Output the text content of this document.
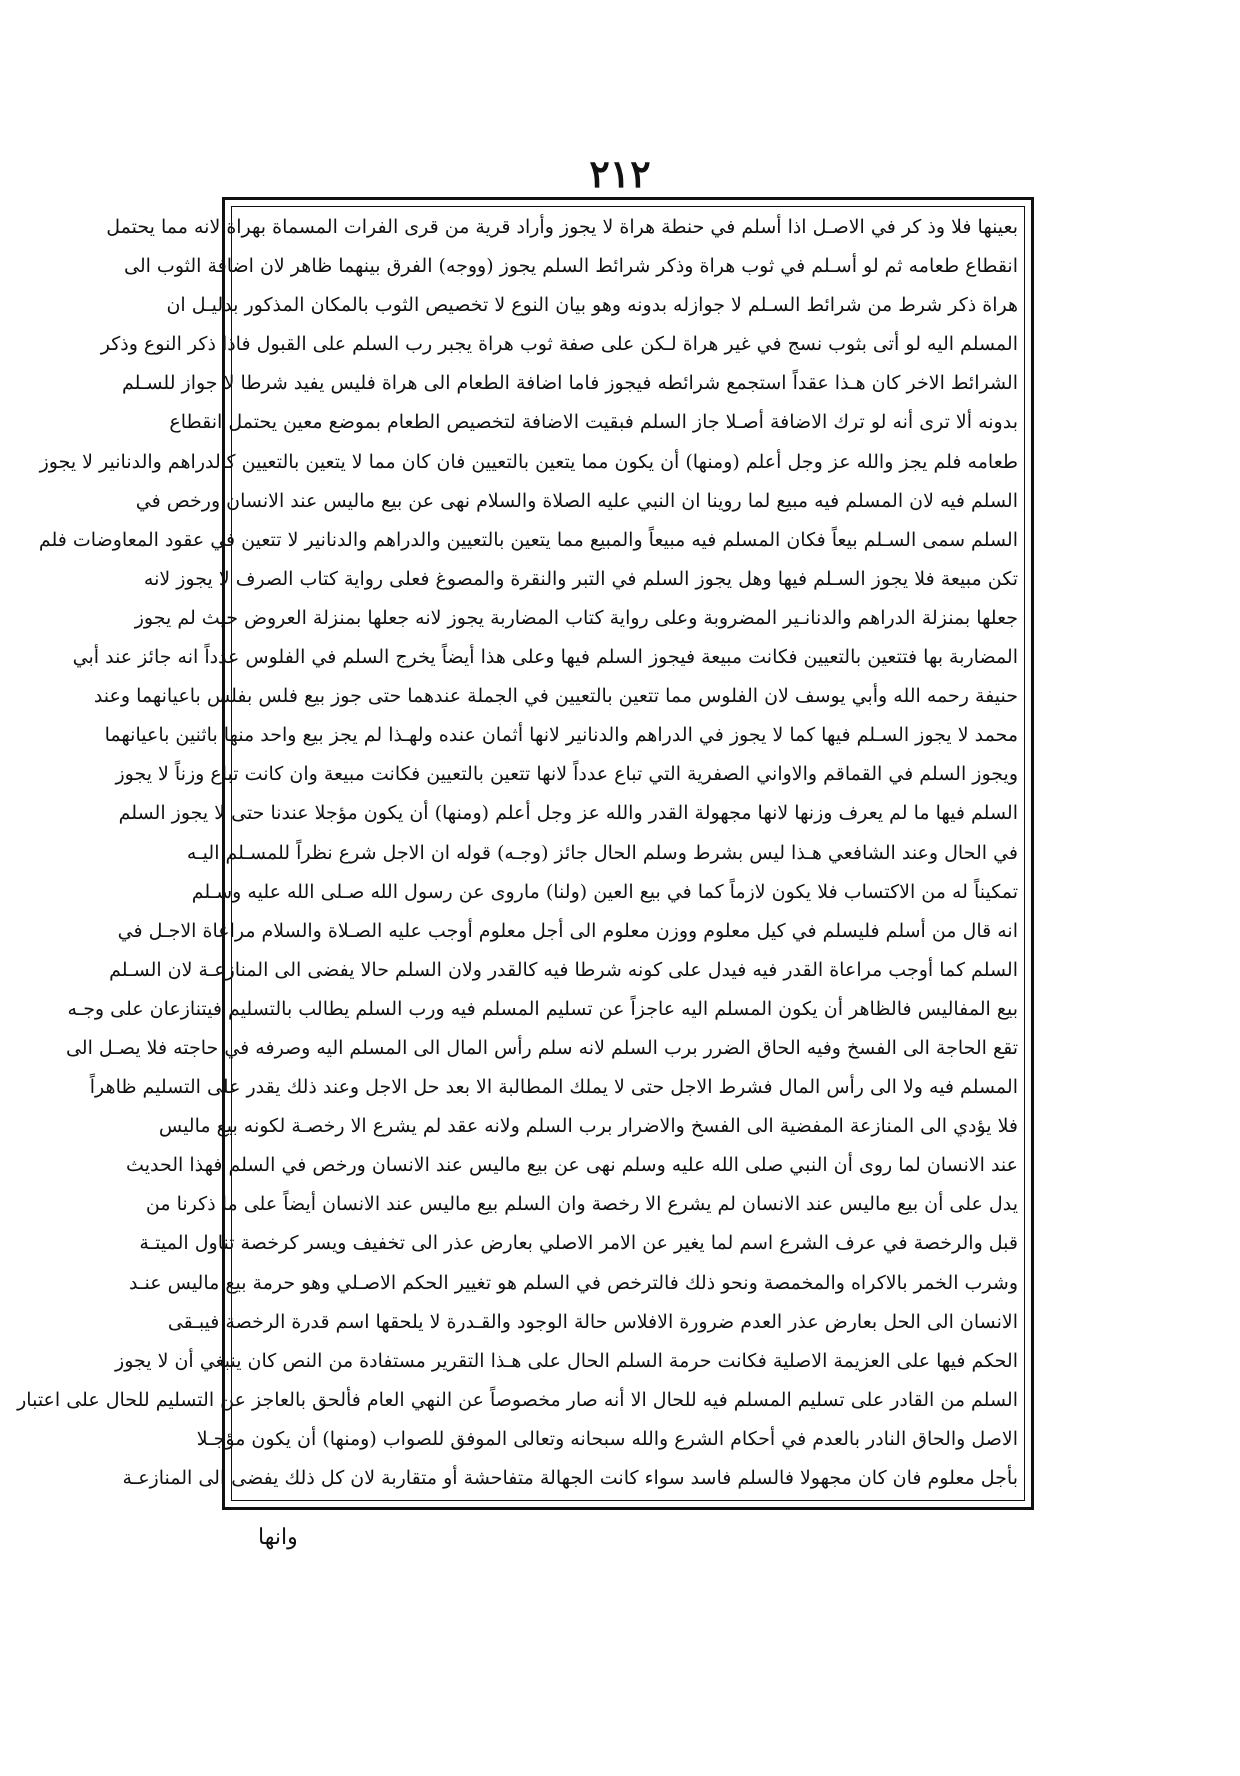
٢١٢
بعينها فلا وذ كر في الاصـل اذا أسلم في حنطة هراة لا يجوز وأراد قرية من قرى الفرات المسماة بهراة لانه مما يحتمل
انقطاع طعامه ثم لو أسـلم في ثوب هراة وذكر شرائط السلم يجوز (ووجه) الفرق بينهما ظاهر لان اضافة الثوب الى
هراة ذكر شرط من شرائط السـلم لا جوازله بدونه وهو بيان النوع لا تخصيص الثوب بالمكان المذكور بدليـل ان
المسلم اليه لو أتى بثوب نسج في غير هراة لـكن على صفة ثوب هراة يجبر رب السلم على القبول فاذا ذكر النوع وذكر
الشرائط الاخر كان هـذا عقداً استجمع شرائطه فيجوز فاما اضافة الطعام الى هراة فليس يفيد شرطا لا جواز للسـلم
بدونه ألا ترى أنه لو ترك الاضافة أصـلا جاز السلم فبقيت الاضافة لتخصيص الطعام بموضع معين يحتمل انقطاع
طعامه فلم يجز والله عز وجل أعلم (ومنها) أن يكون مما يتعين بالتعيين فان كان مما لا يتعين بالتعيين كالدراهم والدنانير لا يجوز
السلم فيه لان المسلم فيه مبيع لما روينا ان النبي عليه الصلاة والسلام نهى عن بيع ماليس عند الانسان ورخص في
السلم سمى السـلم بيعاً فكان المسلم فيه مبيعاً والمبيع مما يتعين بالتعيين والدراهم والدنانير لا تتعين في عقود المعاوضات فلم
تكن مبيعة فلا يجوز السـلم فيها وهل يجوز السلم في التبر والنقرة والمصوغ فعلى رواية كتاب الصرف لا يجوز لانه
جعلها بمنزلة الدراهم والدنانـير المضروبة وعلى رواية كتاب المضاربة يجوز لانه جعلها بمنزلة العروض حيث لم يجوز
المضاربة بها فتتعين بالتعيين فكانت مبيعة فيجوز السلم فيها وعلى هذا أيضاً يخرج السلم في الفلوس عدداً انه جائز عند أبي
حنيفة رحمه الله وأبي يوسف لان الفلوس مما تتعين بالتعيين في الجملة عندهما حتى جوز بيع فلس بفلس باعيانهما وعند
محمد لا يجوز السـلم فيها كما لا يجوز في الدراهم والدنانير لانها أثمان عنده ولهـذا لم يجز بيع واحد منها باثنين باعيانهما
ويجوز السلم في القماقم والاواني الصفرية التي تباع عدداً لانها تتعين بالتعيين فكانت مبيعة وان كانت تباع وزناً لا يجوز
السلم فيها ما لم يعرف وزنها لانها مجهولة القدر والله عز وجل أعلم (ومنها) أن يكون مؤجلا عندنا حتى لا يجوز السلم
في الحال وعند الشافعي هـذا ليس بشرط وسلم الحال جائز (وجـه) قوله ان الاجل شرع نظراً للمسـلم اليـه
تمكيناً له من الاكتساب فلا يكون لازماً كما في بيع العين (ولنا) ماروى عن رسول الله صـلى الله عليه وسـلم
انه قال من أسلم فليسلم في كيل معلوم ووزن معلوم الى أجل معلوم أوجب عليه الصـلاة والسلام مراعاة الاجـل في
السلم كما أوجب مراعاة القدر فيه فيدل على كونه شرطا فيه كالقدر ولان السلم حالا يفضى الى المنازعـة لان السـلم
بيع المفاليس فالظاهر أن يكون المسلم اليه عاجزاً عن تسليم المسلم فيه ورب السلم يطالب بالتسليم فيتنازعان على وجـه
تقع الحاجة الى الفسخ وفيه الحاق الضرر برب السلم لانه سلم رأس المال الى المسلم اليه وصرفه في حاجته فلا يصـل الى
المسلم فيه ولا الى رأس المال فشرط الاجل حتى لا يملك المطالبة الا بعد حل الاجل وعند ذلك يقدر على التسليم ظاهراً
فلا يؤدي الى المنازعة المفضية الى الفسخ والاضرار برب السلم ولانه عقد لم يشرع الا رخصـة لكونه بيع ماليس
عند الانسان لما روى أن النبي صلى الله عليه وسلم نهى عن بيع ماليس عند الانسان ورخص في السلم فهذا الحديث
يدل على أن بيع ماليس عند الانسان لم يشرع الا رخصة وان السلم بيع ماليس عند الانسان أيضاً على ما ذكرنا من
قبل والرخصة في عرف الشرع اسم لما يغير عن الامر الاصلي بعارض عذر الى تخفيف ويسر كرخصة تناول الميتـة
وشرب الخمر بالاكراه والمخمصة ونحو ذلك فالترخص في السلم هو تغيير الحكم الاصـلي وهو حرمة بيع ماليس عنـد
الانسان الى الحل بعارض عذر العدم ضرورة الافلاس حالة الوجود والقـدرة لا يلحقها اسم قدرة الرخصة فيبـقى
الحكم فيها على العزيمة الاصلية فكانت حرمة السلم الحال على هـذا التقرير مستفادة من النص كان ينبغي أن لا يجوز
السلم من القادر على تسليم المسلم فيه للحال الا أنه صار مخصوصاً عن النهي العام فألحق بالعاجز عن التسليم للحال على اعتبار
الاصل والحاق النادر بالعدم في أحكام الشرع والله سبحانه وتعالى الموفق للصواب (ومنها) أن يكون مؤجـلا
بأجل معلوم فان كان مجهولا فالسلم فاسد سواء كانت الجهالة متفاحشة أو متقاربة لان كل ذلك يفضى الى المنازعـة
وانها
